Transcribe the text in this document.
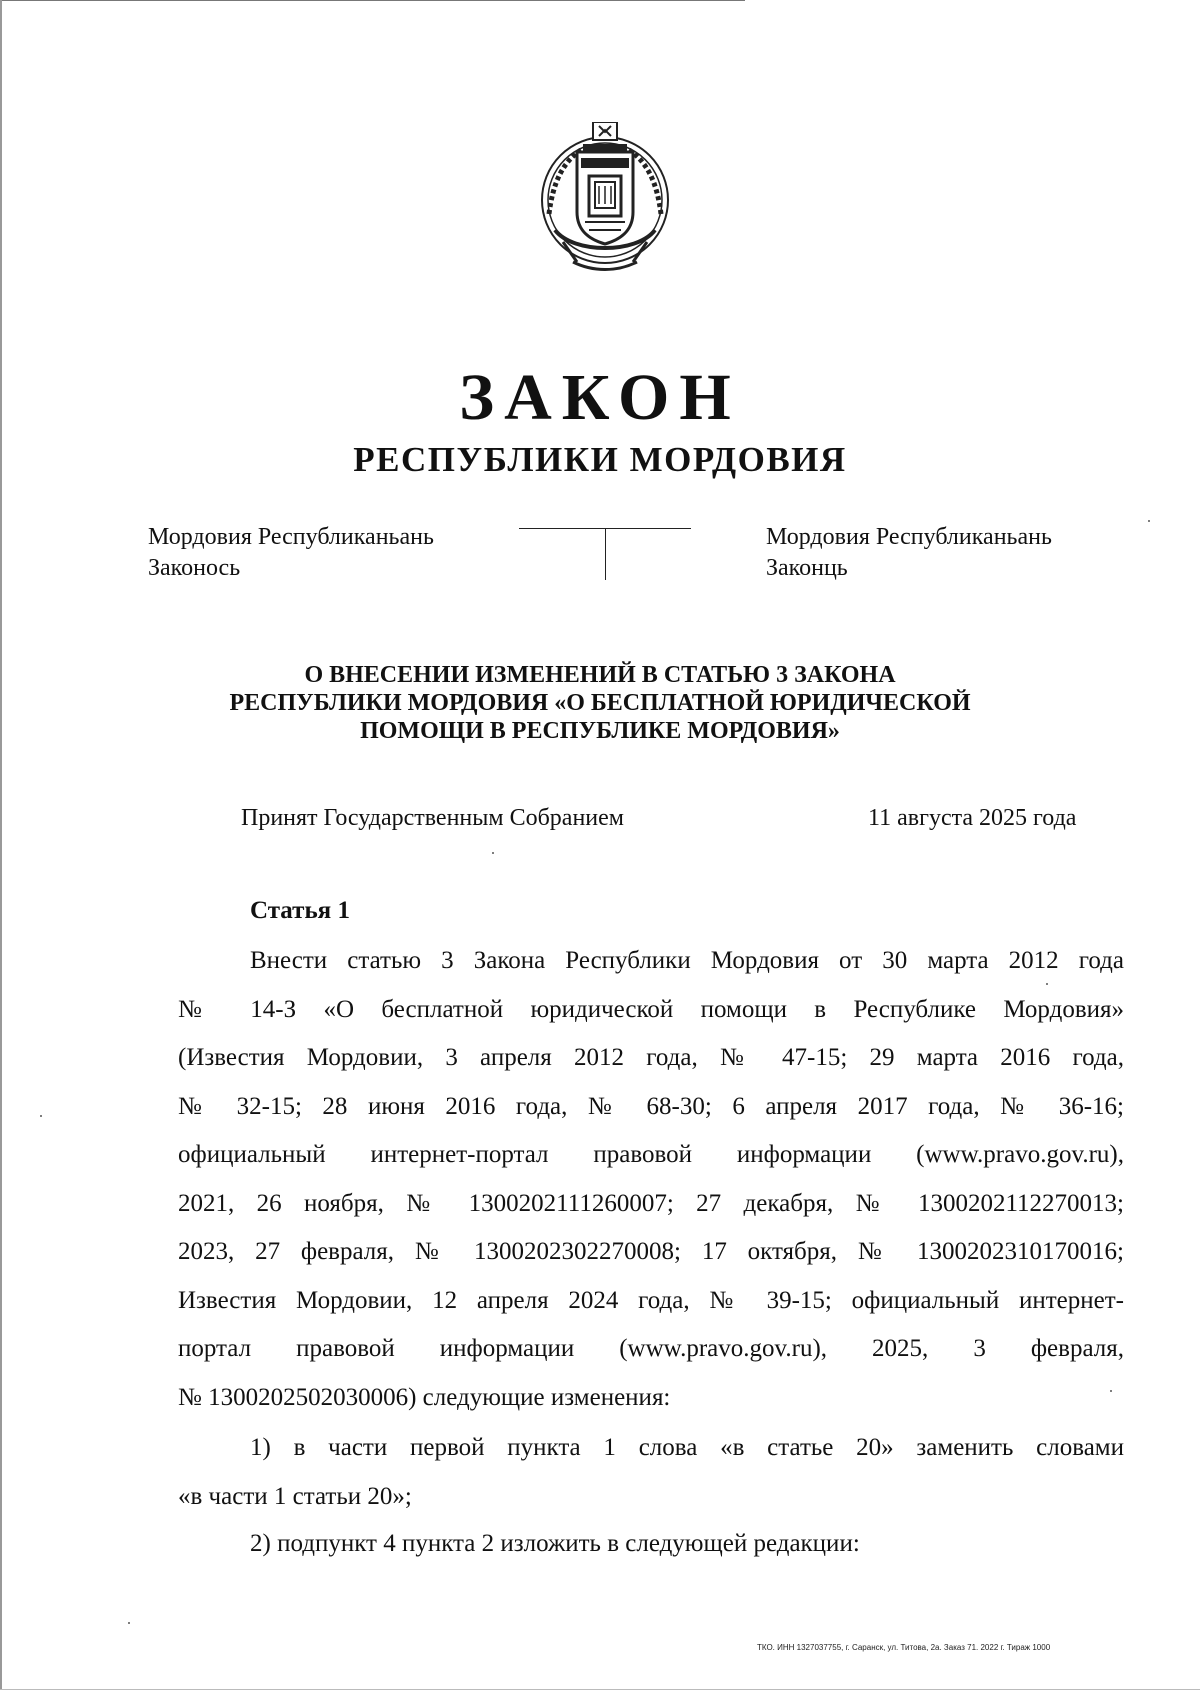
ЗАКОН
РЕСПУБЛИКИ МОРДОВИЯ
Мордовия Республиканьань
Законось
Мордовия Республиканьань
Законць
О ВНЕСЕНИИ ИЗМЕНЕНИЙ В СТАТЬЮ 3 ЗАКОНА
РЕСПУБЛИКИ МОРДОВИЯ «О БЕСПЛАТНОЙ ЮРИДИЧЕСКОЙ
ПОМОЩИ В РЕСПУБЛИКЕ МОРДОВИЯ»
Принят Государственным Собранием	11 августа 2025 года
Статья 1
Внести статью 3 Закона Республики Мордовия от 30 марта 2012 года
№ 14-З «О бесплатной юридической помощи в Республике Мордовия»
(Известия Мордовии, 3 апреля 2012 года, № 47-15; 29 марта 2016 года,
№ 32-15; 28 июня 2016 года, № 68-30; 6 апреля 2017 года, № 36-16;
официальный интернет-портал правовой информации (www.pravo.gov.ru),
2021, 26 ноября, № 1300202111260007; 27 декабря, № 1300202112270013;
2023, 27 февраля, № 1300202302270008; 17 октября, № 1300202310170016;
Известия Мордовии, 12 апреля 2024 года, № 39-15; официальный интернет-
портал правовой информации (www.pravo.gov.ru), 2025, 3 февраля,
№ 1300202502030006) следующие изменения:
1) в части первой пункта 1 слова «в статье 20» заменить словами
«в части 1 статьи 20»;
2) подпункт 4 пункта 2 изложить в следующей редакции:
ТКО. ИНН 1327037755, г. Саранск, ул. Титова, 2а. Заказ 71. 2022 г. Тираж 1000
